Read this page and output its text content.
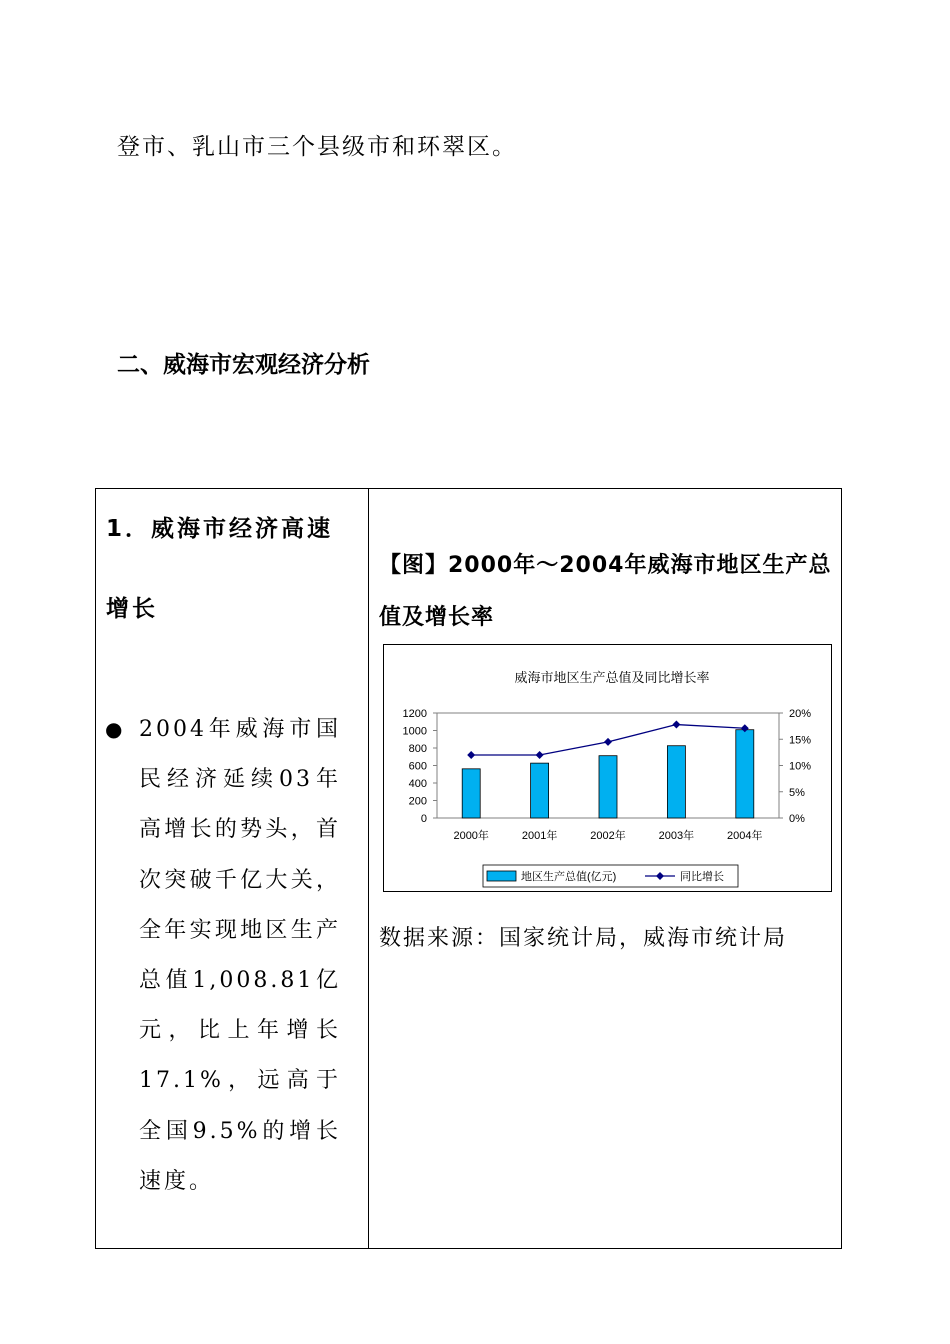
登市、乳山市三个县级市和环翠区。
二、威海市宏观经济分析
1．威海市经济高速增长
● 2004年威海市国民经济延续03年高增长的势头，首次突破千亿大关，全年实现地区生产总值1,008.81亿元，比上年增长17.1%，远高于全国9.5%的增长速度。
【图】2000年～2004年威海市地区生产总值及增长率
威海市地区生产总值及同比增长率
0
200
400
600
800
1000
1200
0%
5%
10%
15%
20%
2000年	2001年	2002年	2003年	2004年
地区生产总值(亿元)	同比增长
数据来源：国家统计局，威海市统计局
